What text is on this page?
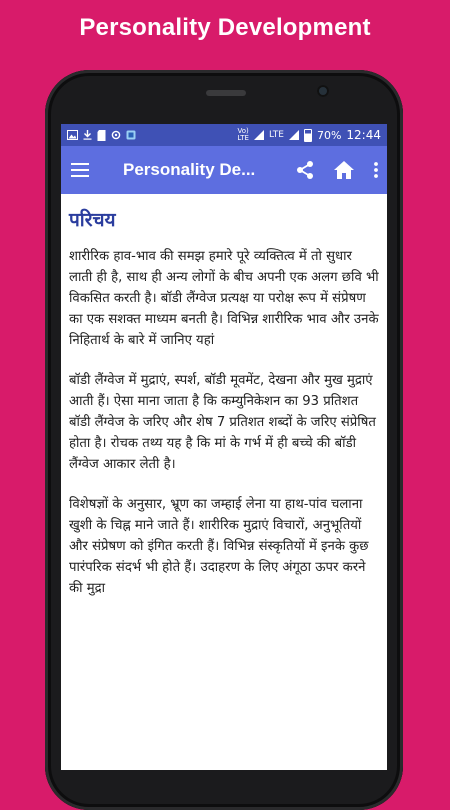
Personality Development
Vo)
LTE LTE	70% 12:44
Personality De...
परिचय

शारीरिक हाव-भाव की समझ हमारे पूरे व्यक्तित्व में तो सुधार लाती ही है, साथ ही अन्य लोगों के बीच अपनी एक अलग छवि भी विकसित करती है। बॉडी लैंग्वेज प्रत्यक्ष या परोक्ष रूप में संप्रेषण का एक सशक्त माध्यम बनती है। विभिन्न शारीरिक भाव और उनके निहितार्थ के बारे में जानिए यहां

बॉडी लैंग्वेज में मुद्राएं, स्पर्श, बॉडी मूवमेंट, देखना और मुख मुद्राएं आती हैं। ऐसा माना जाता है कि कम्युनिकेशन का 93 प्रतिशत बॉडी लैंग्वेज के जरिए और शेष 7 प्रतिशत शब्दों के जरिए संप्रेषित होता है। रोचक तथ्य यह है कि मां के गर्भ में ही बच्चे की बॉडी लैंग्वेज आकार लेती है।

विशेषज्ञों के अनुसार, भ्रूण का जम्हाई लेना या हाथ-पांव चलाना खुशी के चिह्न माने जाते हैं। शारीरिक मुद्राएं विचारों, अनुभूतियों और संप्रेषण को इंगित करती हैं। विभिन्न संस्कृतियों में इनके कुछ पारंपरिक संदर्भ भी होते हैं। उदाहरण के लिए अंगूठा ऊपर करने की मुद्रा
